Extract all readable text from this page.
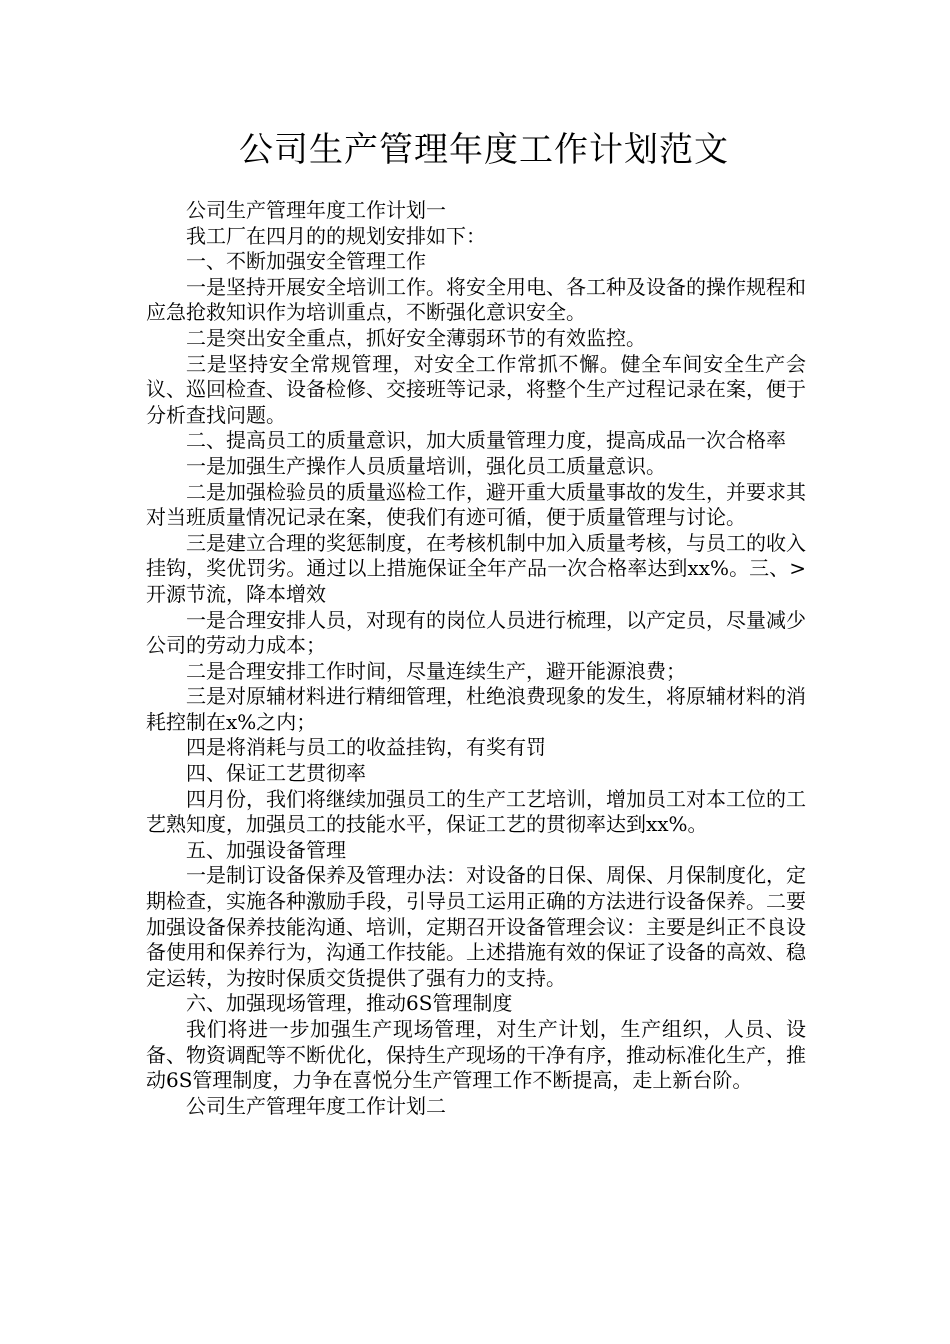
公司生产管理年度工作计划范文

公司生产管理年度工作计划一

我工厂在四月的的规划安排如下：

一、不断加强安全管理工作

一是坚持开展安全培训工作。将安全用电、各工种及设备的操作规程和应急抢救知识作为培训重点，不断强化意识安全。

二是突出安全重点，抓好安全薄弱环节的有效监控。

三是坚持安全常规管理，对安全工作常抓不懈。健全车间安全生产会议、巡回检查、设备检修、交接班等记录，将整个生产过程记录在案，便于分析查找问题。

二、提高员工的质量意识，加大质量管理力度，提高成品一次合格率

一是加强生产操作人员质量培训，强化员工质量意识。

二是加强检验员的质量巡检工作，避开重大质量事故的发生，并要求其对当班质量情况记录在案，使我们有迹可循，便于质量管理与讨论。

三是建立合理的奖惩制度，在考核机制中加入质量考核，与员工的收入挂钩，奖优罚劣。通过以上措施保证全年产品一次合格率达到xx%。三、>开源节流，降本增效

一是合理安排人员，对现有的岗位人员进行梳理，以产定员，尽量减少公司的劳动力成本；

二是合理安排工作时间，尽量连续生产，避开能源浪费；

三是对原辅材料进行精细管理，杜绝浪费现象的发生，将原辅材料的消耗控制在x%之内；

四是将消耗与员工的收益挂钩，有奖有罚

四、保证工艺贯彻率

四月份，我们将继续加强员工的生产工艺培训，增加员工对本工位的工艺熟知度，加强员工的技能水平，保证工艺的贯彻率达到xx%。

五、加强设备管理

一是制订设备保养及管理办法：对设备的日保、周保、月保制度化，定期检查，实施各种激励手段，引导员工运用正确的方法进行设备保养。二要加强设备保养技能沟通、培训，定期召开设备管理会议：主要是纠正不良设备使用和保养行为，沟通工作技能。上述措施有效的保证了设备的高效、稳定运转，为按时保质交货提供了强有力的支持。

六、加强现场管理，推动6S管理制度

我们将进一步加强生产现场管理，对生产计划，生产组织，人员、设备、物资调配等不断优化，保持生产现场的干净有序，推动标准化生产，推动6S管理制度，力争在喜悦分生产管理工作不断提高，走上新台阶。

公司生产管理年度工作计划二
